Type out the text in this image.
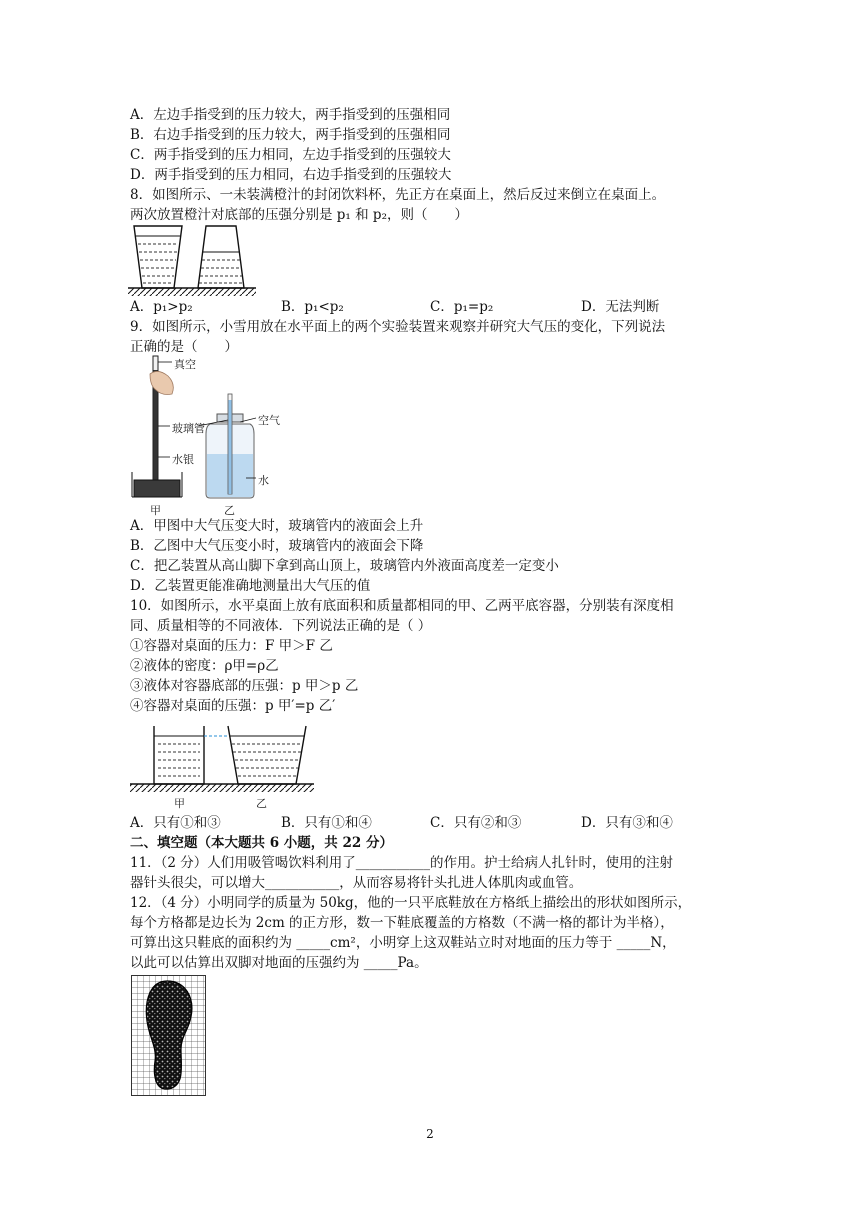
A．左边手指受到的压力较大，两手指受到的压强相同
B．右边手指受到的压力较大，两手指受到的压强相同
C．两手指受到的压力相同，左边手指受到的压强较大
D．两手指受到的压力相同，右边手指受到的压强较大
8．如图所示、一未装满橙汁的封闭饮料杯，先正方在桌面上，然后反过来倒立在桌面上。
两次放置橙汁对底部的压强分别是 p₁ 和 p₂，则（　　）
A．p₁>p₂	B．p₁<p₂	C．p₁=p₂	D．无法判断
9．如图所示，小雪用放在水平面上的两个实验装置来观察并研究大气压的变化，下列说法
正确的是（　　）
真空
玻璃管
空气
水银
水
甲	乙
A．甲图中大气压变大时，玻璃管内的液面会上升
B．乙图中大气压变小时，玻璃管内的液面会下降
C．把乙装置从高山脚下拿到高山顶上，玻璃管内外液面高度差一定变小
D．乙装置更能准确地测量出大气压的值
10．如图所示，水平桌面上放有底面积和质量都相同的甲、乙两平底容器，分别装有深度相
同、质量相等的不同液体．下列说法正确的是（ ）
①容器对桌面的压力：F 甲＞F 乙
②液体的密度：ρ甲=ρ乙
③液体对容器底部的压强：p 甲＞p 乙
④容器对桌面的压强：p 甲′=p 乙′
甲	乙
A．只有①和③	B．只有①和④	C．只有②和③	D．只有③和④
二、填空题（本大题共 6 小题，共 22 分）
11．（2 分）人们用吸管喝饮料利用了___________的作用。护士给病人扎针时，使用的注射
器针头很尖，可以增大___________，从而容易将针头扎进人体肌肉或血管。
12．（4 分）小明同学的质量为 50kg，他的一只平底鞋放在方格纸上描绘出的形状如图所示，
每个方格都是边长为 2cm 的正方形，数一下鞋底覆盖的方格数（不满一格的都计为半格），
可算出这只鞋底的面积约为 _____cm²，小明穿上这双鞋站立时对地面的压力等于 _____N，
以此可以估算出双脚对地面的压强约为 _____Pa。
2
